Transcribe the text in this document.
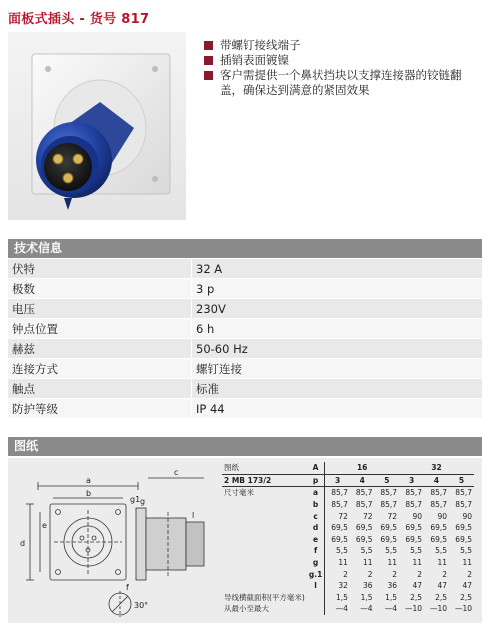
面板式插头 - 货号 817
带螺钉接线端子
插销表面镀镍
客户需提供一个鼻状挡块以支撑连接器的铰链翻盖，确保达到满意的紧固效果
技术信息
伏特	32 A
极数	3 p
电压	230V
钟点位置	6 h
赫兹	50-60 Hz
连接方式	螺钉连接
触点	标准
防护等级	IP 44
图纸
a
b
c
d
e
f
g
g1
l
30°
图纸	A	16			32		
2 MB 173/2	p	3	4	5	3	4	5
尺寸毫米	a	85,7	85,7	85,7	85,7	85,7	85,7
	b	85,7	85,7	85,7	85,7	85,7	85,7
	c	72	72	72	90	90	90
	d	69,5	69,5	69,5	69,5	69,5	69,5
	e	69,5	69,5	69,5	69,5	69,5	69,5
	f	5,5	5,5	5,5	5,5	5,5	5,5
	g	11	11	11	11	11	11
	g.1	2	2	2	2	2	2
	l	32	36	36	47	47	47
导线横截面积(平方毫米)		1,5	1,5	1,5	2,5	2,5	2,5
从最小至最大		—4	—4	—4	—10	—10	—10
